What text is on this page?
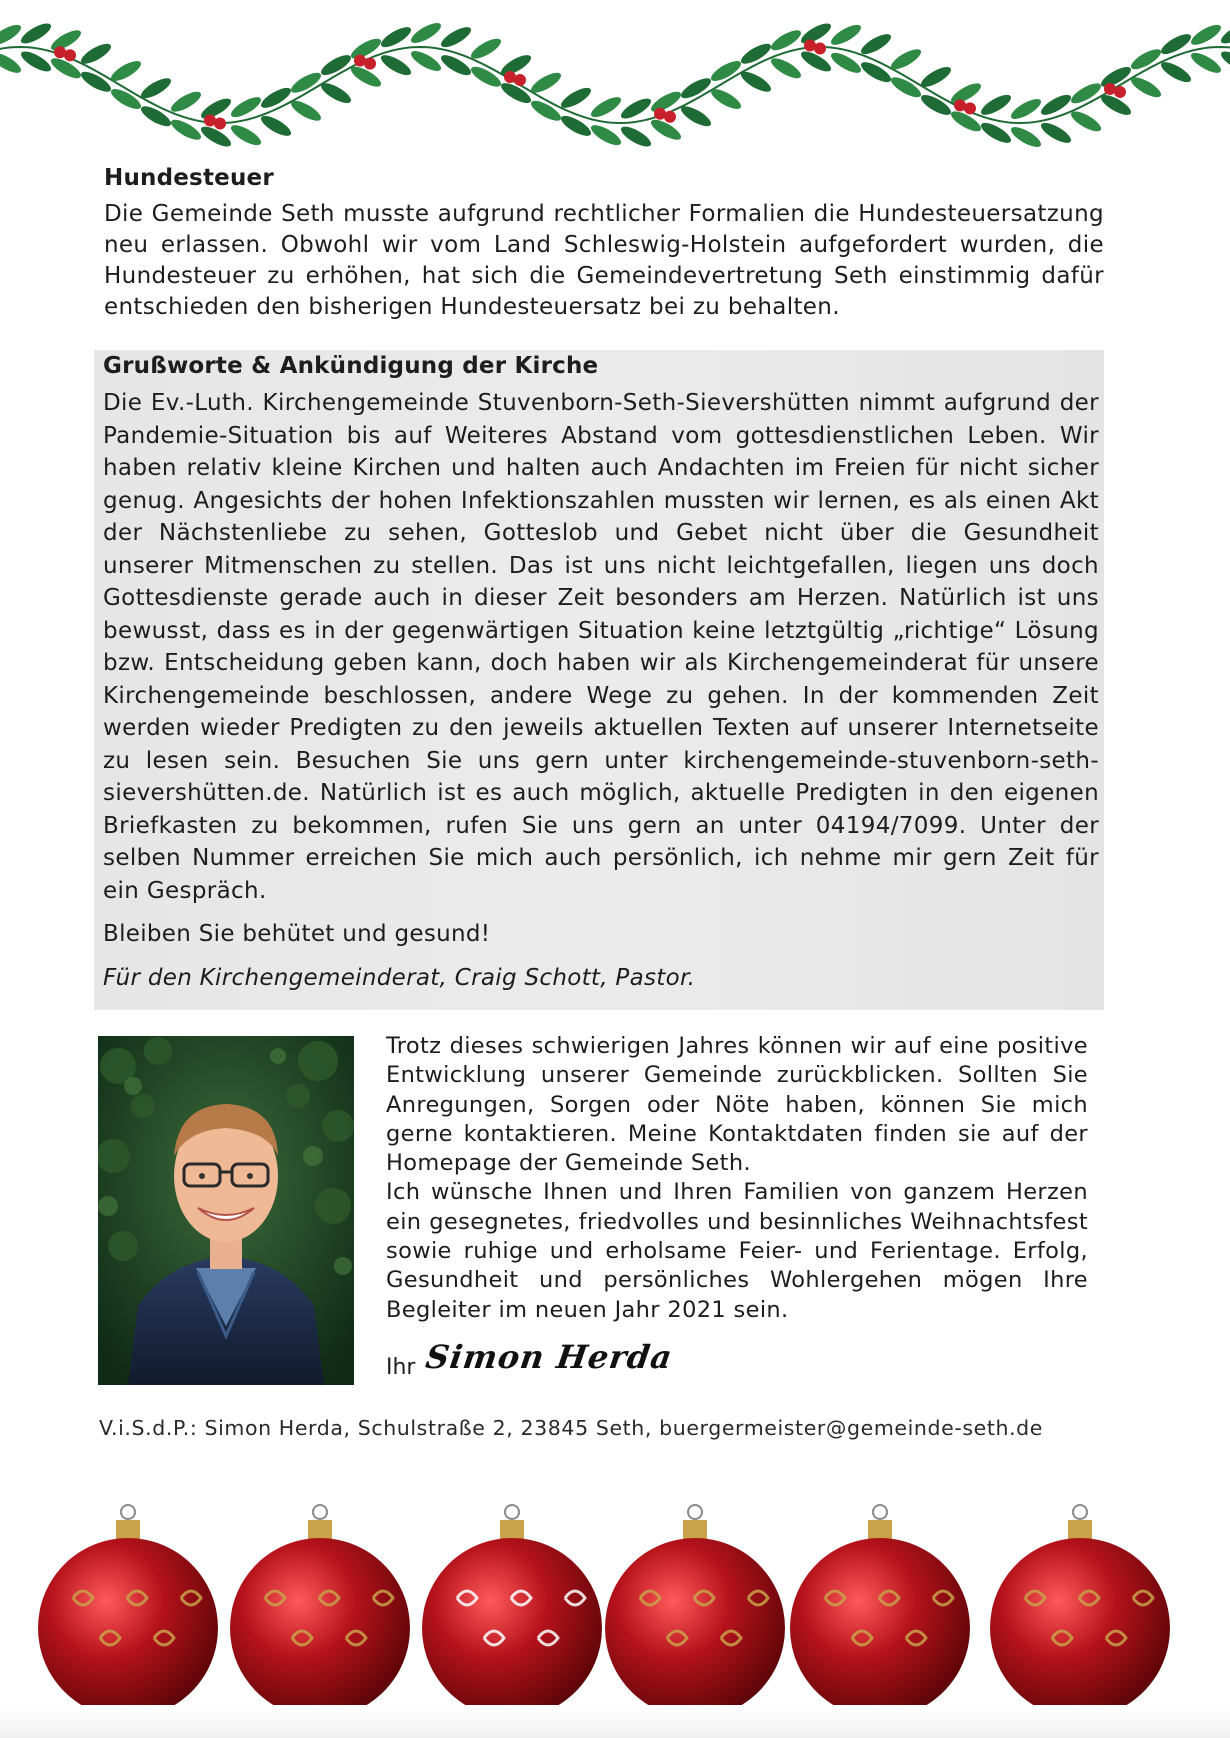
Hundesteuer

Die Gemeinde Seth musste aufgrund rechtlicher Formalien die Hundesteuersatzung neu erlassen. Obwohl wir vom Land Schleswig-Holstein aufgefordert wurden, die Hundesteuer zu erhöhen, hat sich die Gemeindevertretung Seth einstimmig dafür entschieden den bisherigen Hundesteuersatz bei zu behalten.

Grußworte & Ankündigung der Kirche

Die Ev.-Luth. Kirchengemeinde Stuvenborn-Seth-Sievershütten nimmt aufgrund der Pandemie-Situation bis auf Weiteres Abstand vom gottesdienstlichen Leben. Wir haben relativ kleine Kirchen und halten auch Andachten im Freien für nicht sicher genug. Angesichts der hohen Infektionszahlen mussten wir lernen, es als einen Akt der Nächstenliebe zu sehen, Gotteslob und Gebet nicht über die Gesundheit unserer Mitmenschen zu stellen. Das ist uns nicht leichtgefallen, liegen uns doch Gottesdienste gerade auch in dieser Zeit besonders am Herzen. Natürlich ist uns bewusst, dass es in der gegenwärtigen Situation keine letztgültig „richtige“ Lösung bzw. Entscheidung geben kann, doch haben wir als Kirchengemeinderat für unsere Kirchengemeinde beschlossen, andere Wege zu gehen. In der kommenden Zeit werden wieder Predigten zu den jeweils aktuellen Texten auf unserer Internetseite zu lesen sein. Besuchen Sie uns gern unter kirchengemeinde-stuvenborn-seth-sievershütten.de. Natürlich ist es auch möglich, aktuelle Predigten in den eigenen Briefkasten zu bekommen, rufen Sie uns gern an unter 04194/7099. Unter der selben Nummer erreichen Sie mich auch persönlich, ich nehme mir gern Zeit für ein Gespräch.

Bleiben Sie behütet und gesund!

Für den Kirchengemeinderat, Craig Schott, Pastor.

Trotz dieses schwierigen Jahres können wir auf eine positive Entwicklung unserer Gemeinde zurückblicken. Sollten Sie Anregungen, Sorgen oder Nöte haben, können Sie mich gerne kontaktieren. Meine Kontaktdaten finden sie auf der Homepage der Gemeinde Seth.

Ich wünsche Ihnen und Ihren Familien von ganzem Herzen ein gesegnetes, friedvolles und besinnliches Weihnachtsfest sowie ruhige und erholsame Feier- und Ferientage. Erfolg, Gesundheit und persönliches Wohlergehen mögen Ihre Begleiter im neuen Jahr 2021 sein.

Ihr Simon Herda
V.i.S.d.P.: Simon Herda, Schulstraße 2, 23845 Seth, buergermeister@gemeinde-seth.de
